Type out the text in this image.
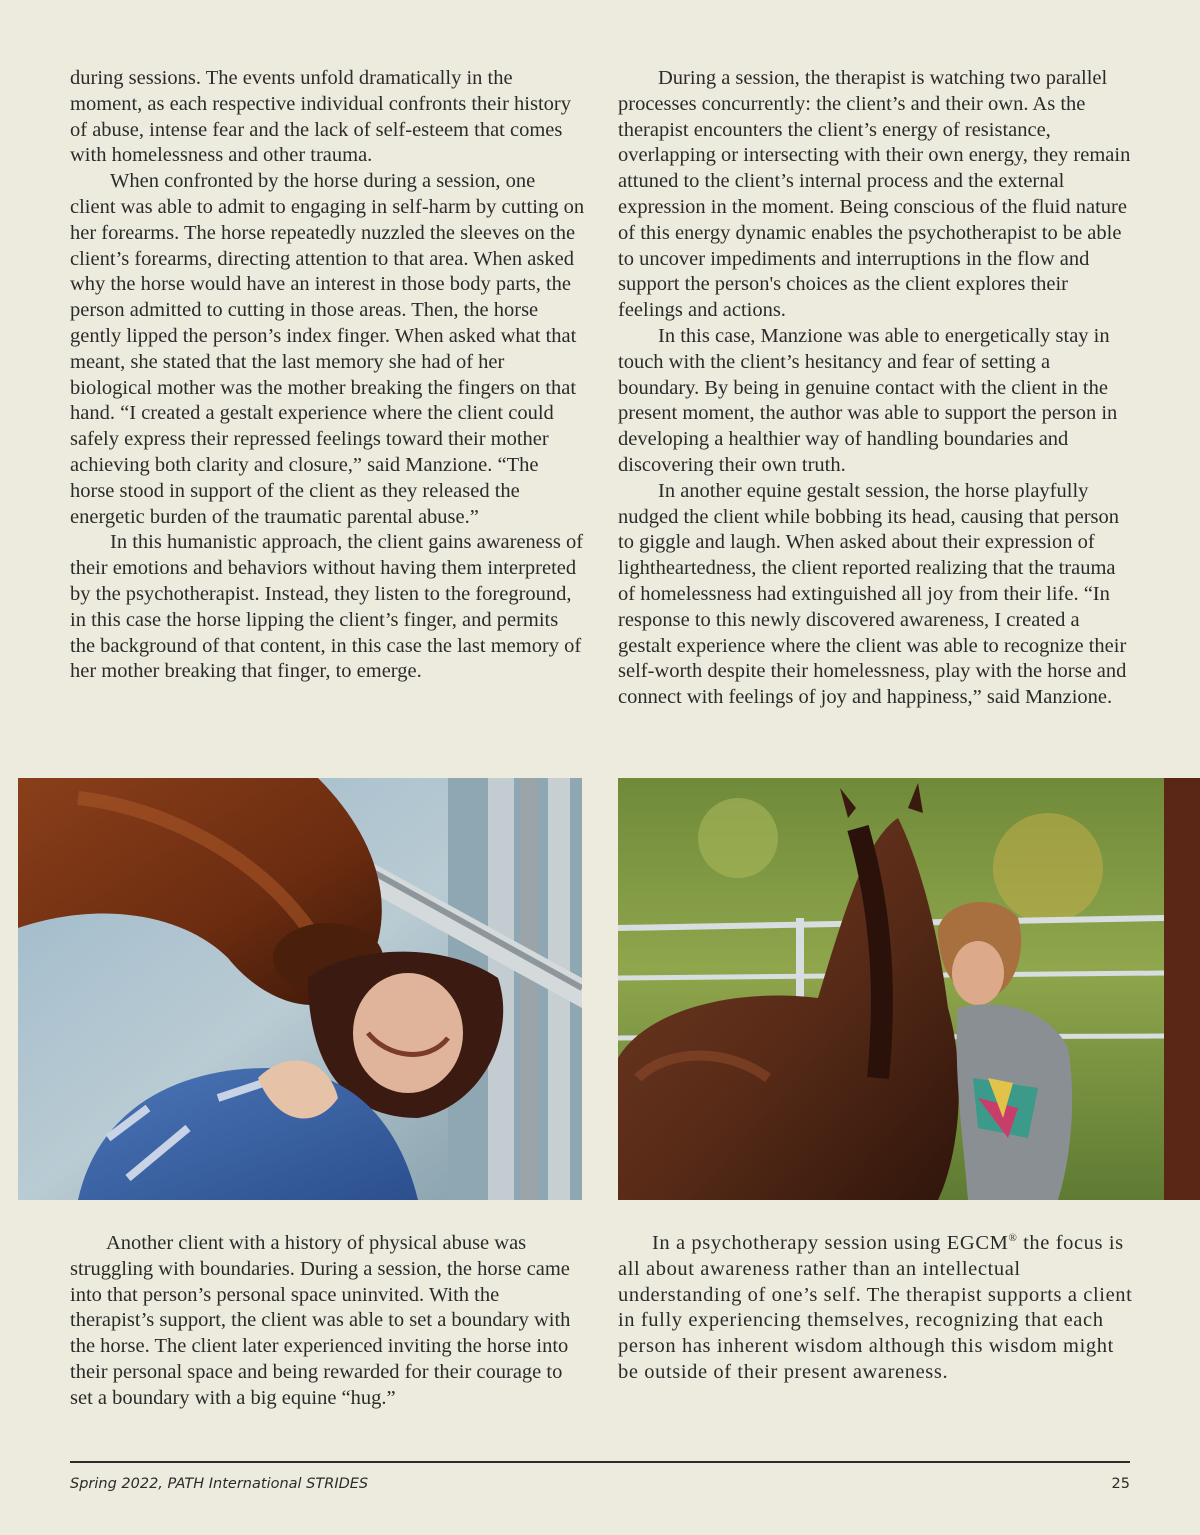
during sessions. The events unfold dramatically in the moment, as each respective individual confronts their history of abuse, intense fear and the lack of self-esteem that comes with homelessness and other trauma.

When confronted by the horse during a session, one client was able to admit to engaging in self-harm by cutting on her forearms. The horse repeatedly nuzzled the sleeves on the client’s forearms, directing attention to that area. When asked why the horse would have an interest in those body parts, the person admitted to cutting in those areas. Then, the horse gently lipped the person’s index finger. When asked what that meant, she stated that the last memory she had of her biological mother was the mother breaking the fingers on that hand. “I created a gestalt experience where the client could safely express their repressed feelings toward their mother achieving both clarity and closure,” said Manzione. “The horse stood in support of the client as they released the energetic burden of the traumatic parental abuse.”

In this humanistic approach, the client gains awareness of their emotions and behaviors without having them interpreted by the psychotherapist. Instead, they listen to the foreground, in this case the horse lipping the client’s finger, and permits the background of that content, in this case the last memory of her mother breaking that finger, to emerge.

During a session, the therapist is watching two parallel processes concurrently: the client’s and their own. As the therapist encounters the client’s energy of resistance, overlapping or intersecting with their own energy, they remain attuned to the client’s internal process and the external expression in the moment. Being conscious of the fluid nature of this energy dynamic enables the psychotherapist to be able to uncover impediments and interruptions in the flow and support the person's choices as the client explores their feelings and actions.

In this case, Manzione was able to energetically stay in touch with the client’s hesitancy and fear of setting a boundary. By being in genuine contact with the client in the present moment, the author was able to support the person in developing a healthier way of handling boundaries and discovering their own truth.

In another equine gestalt session, the horse playfully nudged the client while bobbing its head, causing that person to giggle and laugh. When asked about their expression of lightheartedness, the client reported realizing that the trauma of homelessness had extinguished all joy from their life. “In response to this newly discovered awareness, I created a gestalt experience where the client was able to recognize their self-worth despite their homelessness, play with the horse and connect with feelings of joy and happiness,” said Manzione.

Another client with a history of physical abuse was struggling with boundaries. During a session, the horse came into that person’s personal space uninvited. With the therapist’s support, the client was able to set a boundary with the horse. The client later experienced inviting the horse into their personal space and being rewarded for their courage to set a boundary with a big equine “hug.”

In a psychotherapy session using EGCM® the focus is all about awareness rather than an intellectual understanding of one’s self. The therapist supports a client in fully experiencing themselves, recognizing that each person has inherent wisdom although this wisdom might be outside of their present awareness.

Spring 2022, PATH International STRIDES	25
